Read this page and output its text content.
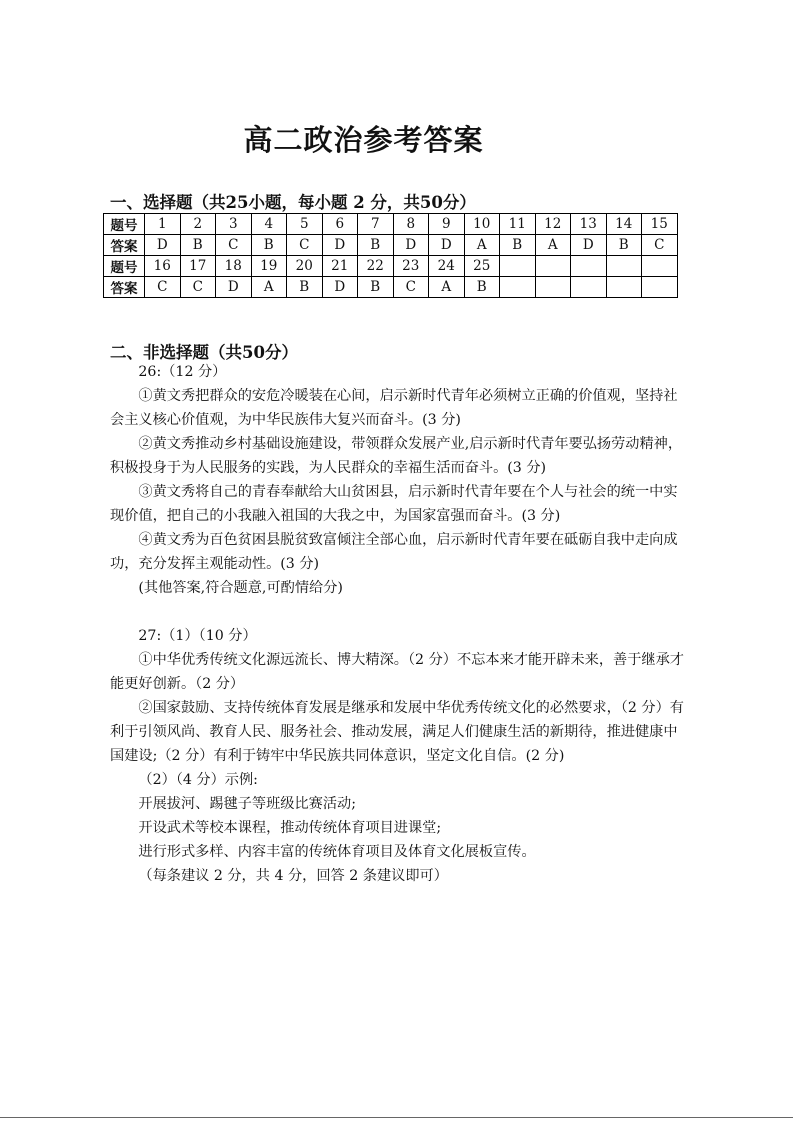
高二政治参考答案
一、选择题（共25小题，每小题 2 分，共50分）
题号	1	2	3	4	5	6	7	8	9	10	11	12	13	14	15
答案	D	B	C	B	C	D	B	D	D	A	B	A	D	B	C
题号	16	17	18	19	20	21	22	23	24	25					
答案	C	C	D	A	B	D	B	C	A	B					
二、非选择题（共50分）

26:（12 分）

①黄文秀把群众的安危冷暖装在心间，启示新时代青年必须树立正确的价值观，坚持社会主义核心价值观，为中华民族伟大复兴而奋斗。(3 分)

②黄文秀推动乡村基础设施建设，带领群众发展产业,启示新时代青年要弘扬劳动精神，积极投身于为人民服务的实践，为人民群众的幸福生活而奋斗。(3 分)

③黄文秀将自己的青春奉献给大山贫困县，启示新时代青年要在个人与社会的统一中实现价值，把自己的小我融入祖国的大我之中，为国家富强而奋斗。(3 分)

④黄文秀为百色贫困县脱贫致富倾注全部心血，启示新时代青年要在砥砺自我中走向成功，充分发挥主观能动性。(3 分)

(其他答案,符合题意,可酌情给分)

27:（1）（10 分）

①中华优秀传统文化源远流长、博大精深。（2 分）不忘本来才能开辟未来，善于继承才能更好创新。（2 分）

②国家鼓励、支持传统体育发展是继承和发展中华优秀传统文化的必然要求，（2 分）有利于引领风尚、教育人民、服务社会、推动发展，满足人们健康生活的新期待，推进健康中国建设;（2 分）有利于铸牢中华民族共同体意识，坚定文化自信。(2 分)

（2）（4 分）示例:

开展拔河、踢毽子等班级比赛活动;

开设武术等校本课程，推动传统体育项目进课堂;

进行形式多样、内容丰富的传统体育项目及体育文化展板宣传。

（每条建议 2 分，共 4 分，回答 2 条建议即可）
